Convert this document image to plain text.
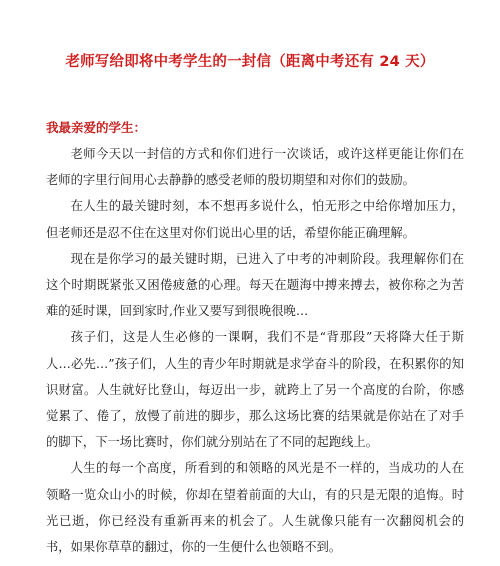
老师写给即将中考学生的一封信（距离中考还有 24 天）
我最亲爱的学生：

老师今天以一封信的方式和你们进行一次谈话，或许这样更能让你们在老师的字里行间用心去静静的感受老师的殷切期望和对你们的鼓励。

在人生的最关键时刻，本不想再多说什么，怕无形之中给你增加压力，但老师还是忍不住在这里对你们说出心里的话，希望你能正确理解。

现在是你学习的最关键时期，已进入了中考的冲刺阶段。我理解你们在这个时期既紧张又困倦疲惫的心理。每天在题海中搏来搏去，被你称之为苦难的延时课，回到家时,作业又要写到很晚很晚…

孩子们，这是人生必修的一课啊，我们不是“背那段”天将降大任于斯人…必先…”孩子们，人生的青少年时期就是求学奋斗的阶段，在积累你的知识财富。人生就好比登山，每迈出一步，就跨上了另一个高度的台阶，你感觉累了、倦了，放慢了前进的脚步，那么这场比赛的结果就是你站在了对手的脚下，下一场比赛时，你们就分别站在了不同的起跑线上。

人生的每一个高度，所看到的和领略的风光是不一样的，当成功的人在领略一览众山小的时候，你却在望着前面的大山，有的只是无限的追悔。时光已逝，你已经没有重新再来的机会了。人生就像只能有一次翻阅机会的书，如果你草草的翻过，你的一生便什么也领略不到。
